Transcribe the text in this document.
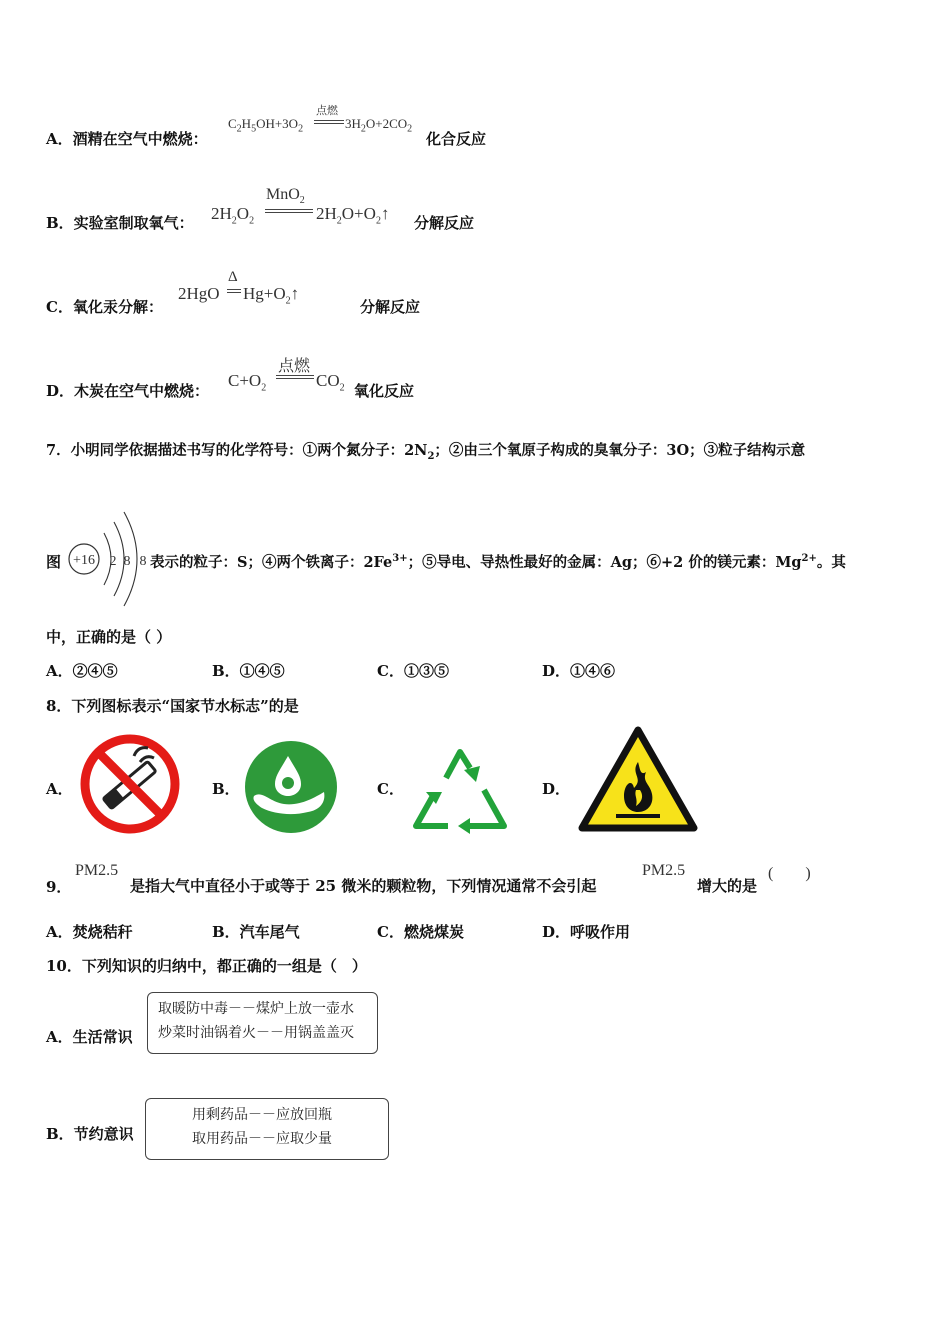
A．酒精在空气中燃烧：
$C_2H_5OH+3O_2$
点燃
$3H_2O+2CO_2$
化合反应
B．实验室制取氧气： $2H_2O_2$
MnO$_2$
$2H_2O+O_2↑$ 分解反应
C．氧化汞分解：
2HgO
Δ
$Hg+O_2↑$
分解反应
D．木炭在空气中燃烧：
$C+O_2$
点燃
$CO_2$ 氧化反应
7．小明同学依据描述书写的化学符号：①两个氮分子：$2N_2$；②由三个氧原子构成的臭氧分子：3O；③粒子结构示意
图 +16 2 8 8 表示的粒子：S；④两个铁离子：$2Fe^{3+}$；⑤导电、导热性最好的金属：Ag；⑥+2 价的镁元素：$Mg^{2+}$。其
中，正确的是（ ）
A．②④⑤	B．①④⑤	C．①③⑤	D．①④⑥
8．下列图标表示“国家节水标志”的是
A．	B．	C．	D．
9．
PM2.5
是指大气中直径小于或等于 25 微米的颗粒物，下列情况通常不会引起
PM2.5
增大的是
(　　)
A．焚烧秸秆	B．汽车尾气	C．燃烧煤炭	D．呼吸作用
10．下列知识的归纳中，都正确的一组是（　）
A．生活常识
取暖防中毒－－煤炉上放一壶水
炒菜时油锅着火－－用锅盖盖灭
B．节约意识
用剩药品－－应放回瓶
取用药品－－应取少量
